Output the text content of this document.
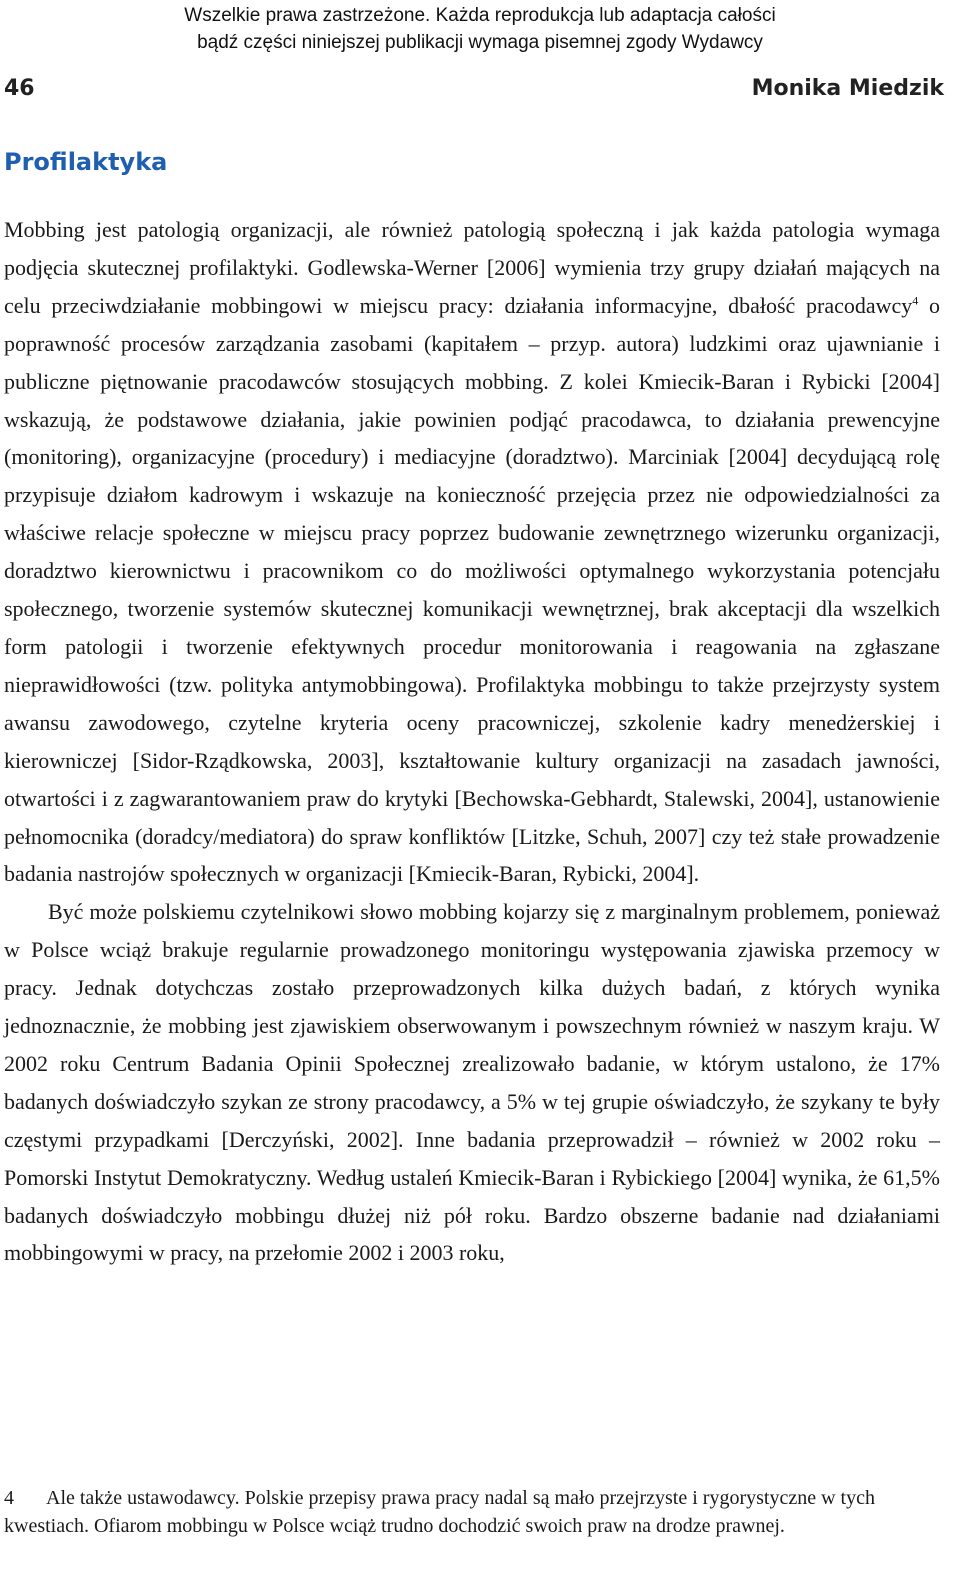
Wszelkie prawa zastrzeżone. Każda reprodukcja lub adaptacja całości
bądź części niniejszej publikacji wymaga pisemnej zgody Wydawcy
46	Monika Miedzik
Profilaktyka

Mobbing jest patologią organizacji, ale również patologią społeczną i jak każda patologia wymaga podjęcia skutecznej profilaktyki. Godlewska-Werner [2006] wymienia trzy grupy działań mających na celu przeciwdziałanie mobbingowi w miejscu pracy: działania informacyjne, dbałość pracodawcy$^4$ o poprawność procesów zarządzania zasobami (kapitałem – przyp. autora) ludzkimi oraz ujawnianie i publiczne piętnowanie pracodawców stosujących mobbing. Z kolei Kmiecik-Baran i Rybicki [2004] wskazują, że podstawowe działania, jakie powinien podjąć pracodawca, to działania prewencyjne (monitoring), organizacyjne (procedury) i mediacyjne (doradztwo). Marciniak [2004] decydującą rolę przypisuje działom kadrowym i wskazuje na konieczność przejęcia przez nie odpowiedzialności za właściwe relacje społeczne w miejscu pracy poprzez budowanie zewnętrznego wizerunku organizacji, doradztwo kierownictwu i pracownikom co do możliwości optymalnego wykorzystania potencjału społecznego, tworzenie systemów skutecznej komunikacji wewnętrznej, brak akceptacji dla wszelkich form patologii i tworzenie efektywnych procedur monitorowania i reagowania na zgłaszane nieprawidłowości (tzw. polityka antymobbingowa). Profilaktyka mobbingu to także przejrzysty system awansu zawodowego, czytelne kryteria oceny pracowniczej, szkolenie kadry menedżerskiej i kierowniczej [Sidor-Rządkowska, 2003], kształtowanie kultury organizacji na zasadach jawności, otwartości i z zagwarantowaniem praw do krytyki [Bechowska-Gebhardt, Stalewski, 2004], ustanowienie pełnomocnika (doradcy/mediatora) do spraw konfliktów [Litzke, Schuh, 2007] czy też stałe prowadzenie badania nastrojów społecznych w organizacji [Kmiecik-Baran, Rybicki, 2004].

Być może polskiemu czytelnikowi słowo mobbing kojarzy się z marginalnym problemem, ponieważ w Polsce wciąż brakuje regularnie prowadzonego monitoringu występowania zjawiska przemocy w pracy. Jednak dotychczas zostało przeprowadzonych kilka dużych badań, z których wynika jednoznacznie, że mobbing jest zjawiskiem obserwowanym i powszechnym również w naszym kraju. W 2002 roku Centrum Badania Opinii Społecznej zrealizowało badanie, w którym ustalono, że 17% badanych doświadczyło szykan ze strony pracodawcy, a 5% w tej grupie oświadczyło, że szykany te były częstymi przypadkami [Derczyński, 2002]. Inne badania przeprowadził – również w 2002 roku – Pomorski Instytut Demokratyczny. Według ustaleń Kmiecik-Baran i Rybickiego [2004] wynika, że 61,5% badanych doświadczyło mobbingu dłużej niż pół roku. Bardzo obszerne badanie nad działaniami mobbingowymi w pracy, na przełomie 2002 i 2003 roku,

4 Ale także ustawodawcy. Polskie przepisy prawa pracy nadal są mało przejrzyste i rygorystyczne w tych kwestiach. Ofiarom mobbingu w Polsce wciąż trudno dochodzić swoich praw na drodze prawnej.
